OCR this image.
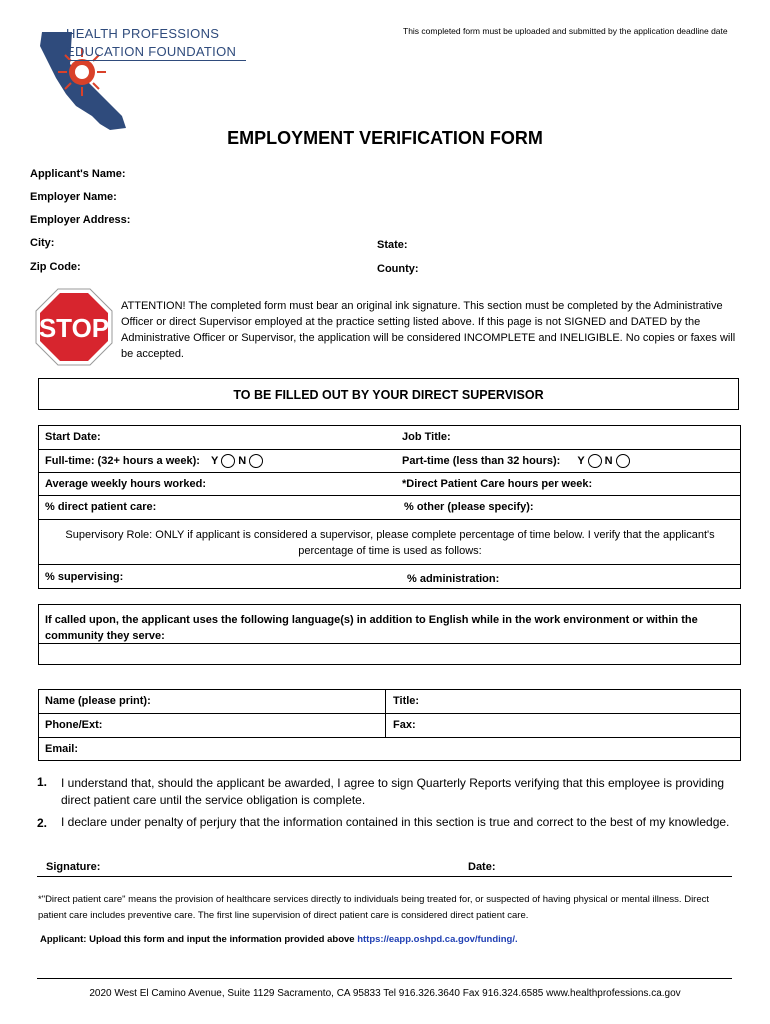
HEALTH PROFESSIONS
EDUCATION FOUNDATION
This completed form must be uploaded and submitted by the application deadline date
EMPLOYMENT VERIFICATION FORM
Applicant's Name:
Employer Name:
Employer Address:
City:	State:
Zip Code:	County:
STOP
ATTENTION! The completed form must bear an original ink signature. This section must be completed by the Administrative Officer or direct Supervisor employed at the practice setting listed above. If this page is not SIGNED and DATED by the Administrative Officer or Supervisor, the application will be considered INCOMPLETE and INELIGIBLE. No copies or faxes will be accepted.
TO BE FILLED OUT BY YOUR DIRECT SUPERVISOR
Start Date:	Job Title:
Full-time: (32+ hours a week): Y N	Part-time (less than 32 hours): Y N
Average weekly hours worked:	*Direct Patient Care hours per week:
% direct patient care:	% other (please specify):
Supervisory Role: ONLY if applicant is considered a supervisor, please complete percentage of time below. I verify that the applicant's percentage of time is used as follows:
% supervising:	% administration:
If called upon, the applicant uses the following language(s) in addition to English while in the work environment or within the community they serve:
Name (please print):	Title:
Phone/Ext:	Fax:
Email:
1. I understand that, should the applicant be awarded, I agree to sign Quarterly Reports verifying that this employee is providing direct patient care until the service obligation is complete.
2. I declare under penalty of perjury that the information contained in this section is true and correct to the best of my knowledge.
Signature:	Date:
*"Direct patient care" means the provision of healthcare services directly to individuals being treated for, or suspected of having physical or mental illness. Direct patient care includes preventive care. The first line supervision of direct patient care is considered direct patient care.
Applicant: Upload this form and input the information provided above https://eapp.oshpd.ca.gov/funding/.
2020 West El Camino Avenue, Suite 1129 Sacramento, CA 95833 Tel 916.326.3640 Fax 916.324.6585 www.healthprofessions.ca.gov
